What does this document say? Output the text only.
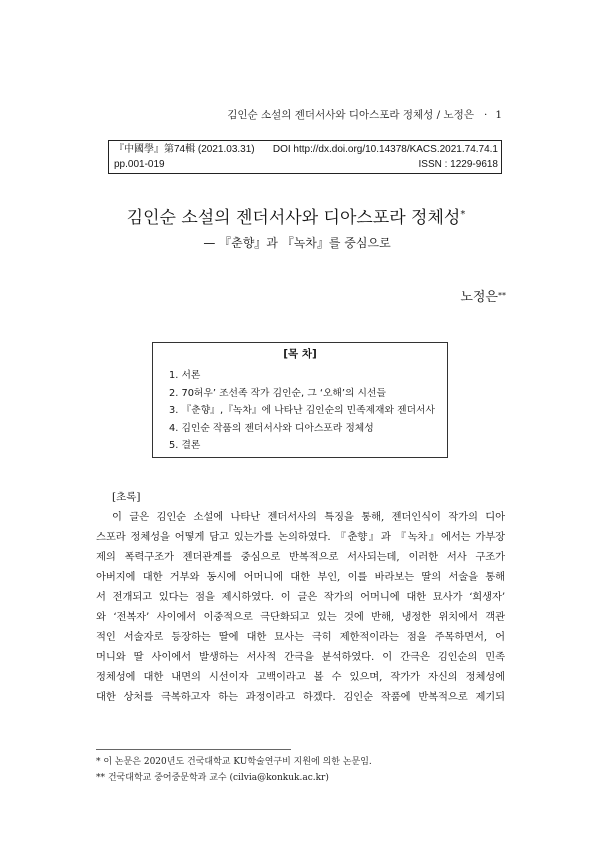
김인순 소설의 젠더서사와 디아스포라 정체성 / 노정은 · 1
『中國學』第74輯 (2021.03.31) DOI http://dx.doi.org/10.14378/KACS.2021.74.74.1
pp.001-019	ISSN : 1229-9618
김인순 소설의 젠더서사와 디아스포라 정체성*
— 『춘향』과 『녹차』를 중심으로
노정은**
[목 차]
1. 서론
2. 70허우’ 조선족 작가 김인순, 그 ‘오해’의 시선들
3. 『춘향』,『녹차』에 나타난 김인순의 민족제재와 젠더서사
4. 김인순 작품의 젠더서사와 디아스포라 정체성
5. 결론
[초록]
이 글은 김인순 소설에 나타난 젠더서사의 특징을 통해, 젠더인식이 작가의 디아
스포라 정체성을 어떻게 담고 있는가를 논의하였다. 『춘향』과 『녹차』에서는 가부장
제의 폭력구조가 젠더관계를 중심으로 반복적으로 서사되는데, 이러한 서사 구조가
아버지에 대한 거부와 동시에 어머니에 대한 부인, 이를 바라보는 딸의 서술을 통해
서 전개되고 있다는 점을 제시하였다. 이 글은 작가의 어머니에 대한 묘사가 ‘희생자’
와 ‘전복자’ 사이에서 이중적으로 극단화되고 있는 것에 반해, 냉정한 위치에서 객관
적인 서술자로 등장하는 딸에 대한 묘사는 극히 제한적이라는 점을 주목하면서, 어
머니와 딸 사이에서 발생하는 서사적 간극을 분석하였다. 이 간극은 김인순의 민족
정체성에 대한 내면의 시선이자 고백이라고 볼 수 있으며, 작가가 자신의 정체성에
대한 상처를 극복하고자 하는 과정이라고 하겠다. 김인순 작품에 반복적으로 제기되
* 이 논문은 2020년도 건국대학교 KU학술연구비 지원에 의한 논문임.
** 건국대학교 중어중문학과 교수 (cilvia@konkuk.ac.kr)
